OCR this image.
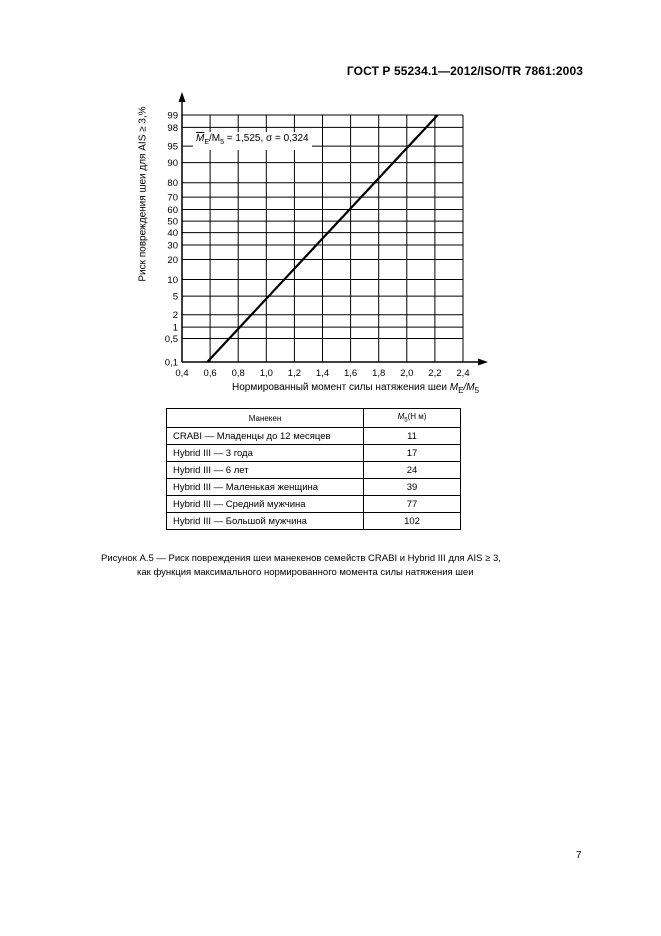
ГОСТ Р 55234.1—2012/ISO/TR 7861:2003
0,1
0,5
1
2
5
10
20
30
40
50
60
70
80
90
95
98
99
0,4 0,6 0,8 1,0 1,2 1,4 1,6 1,8 2,0 2,2 2,4
$\overline{M}_E/M_5 = 1,525$, σ = 0,324
Риск повреждения шеи для AIS ≥ 3,%
Нормированный момент силы натяжения шеи $M_E/M_5$
Манекен	$M_5(Н$ м)
CRABI — Младенцы до 12 месяцев	11
Hybrid III — 3 года	17
Hybrid III — 6 лет	24
Hybrid III — Маленькая женщина	39
Hybrid III — Средний мужчина	77
Hybrid III — Большой мужчина	102
Рисунок А.5 — Риск повреждения шеи манекенов семейств CRABI и Hybrid III для AIS ≥ 3,
как функция максимального нормированного момента силы натяжения шеи
7
